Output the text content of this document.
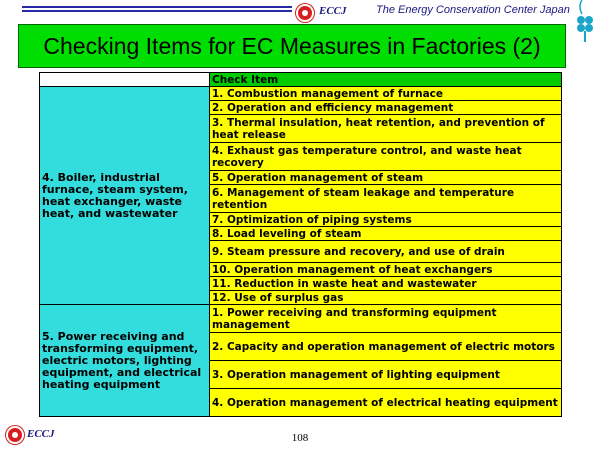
ECCJ	The Energy Conservation Center Japan
Checking Items for EC Measures in Factories (2)
	Check Item
4. Boiler, industrial furnace, steam system, heat exchanger, waste heat, and wastewater	1. Combustion management of furnace
	2. Operation and efficiency management
	3. Thermal insulation, heat retention, and prevention of heat release
	4. Exhaust gas temperature control, and waste heat recovery
	5. Operation management of steam
	6. Management of steam leakage and temperature retention
	7. Optimization of piping systems
	8. Load leveling of steam
	9. Steam pressure and recovery, and use of drain
	10. Operation management of heat exchangers
	11. Reduction in waste heat and wastewater
	12. Use of surplus gas
5. Power receiving and transforming equipment, electric motors, lighting equipment, and electrical heating equipment	1. Power receiving and transforming equipment management
	2. Capacity and operation management of electric motors
	3. Operation management of lighting equipment
	4. Operation management of electrical heating equipment
ECCJ	108
